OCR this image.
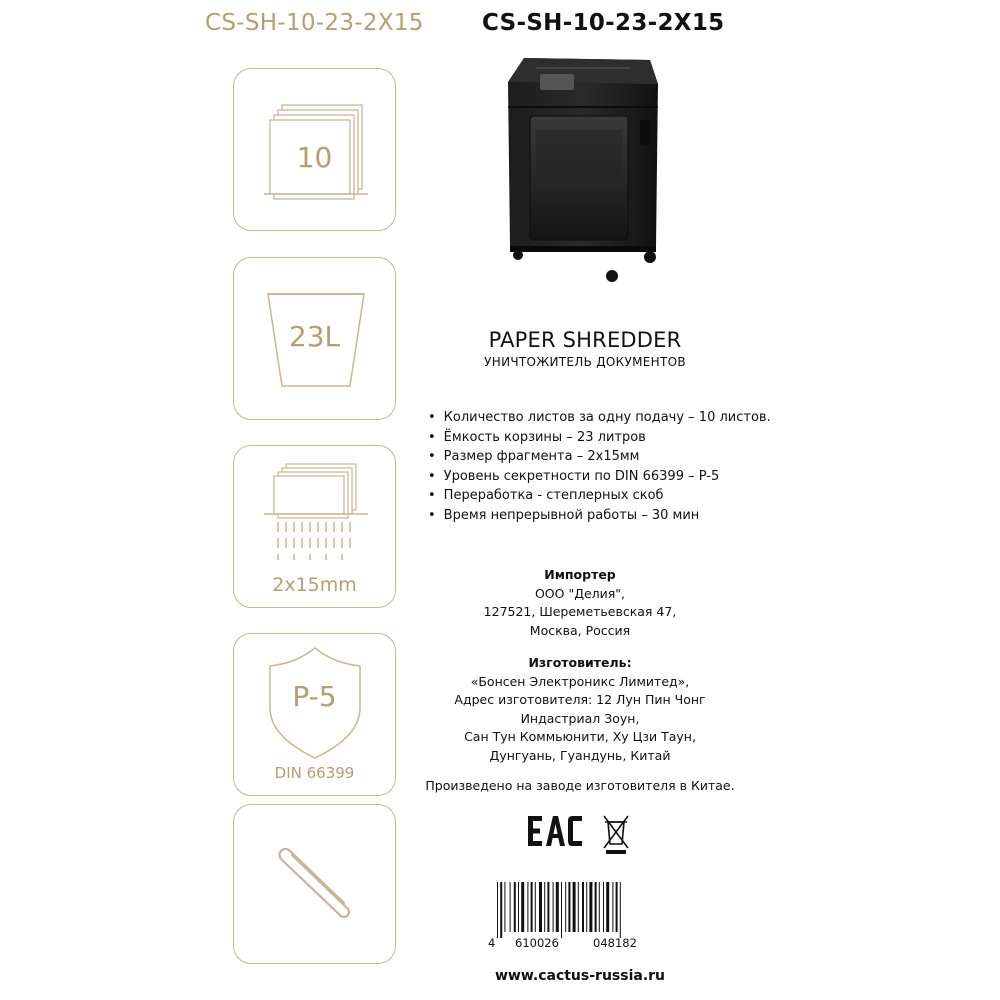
CS-SH-10-23-2X15	CS-SH-10-23-2X15
10
23L
2x15mm
P-5
DIN 66399
PAPER SHREDDER
УНИЧТОЖИТЕЛЬ ДОКУМЕНТОВ
• Количество листов за одну подачу – 10 листов.
• Ёмкость корзины – 23 литров
• Размер фрагмента – 2х15мм
• Уровень секретности по DIN 66399 – P-5
• Переработка - степлерных скоб
• Время непрерывной работы – 30 мин
Импортер
ООО "Делия",
127521, Шереметьевская 47,
Москва, Россия
Изготовитель:
«Бонсен Электроникс Лимитед»,
Адрес изготовителя: 12 Лун Пин Чонг
Индастриал Зоун,
Сан Тун Коммьюнити, Ху Цзи Таун,
Дунгуань, Гуандунь, Китай
Произведено на заводе изготовителя в Китае.
4 610026	048182
www.cactus-russia.ru
